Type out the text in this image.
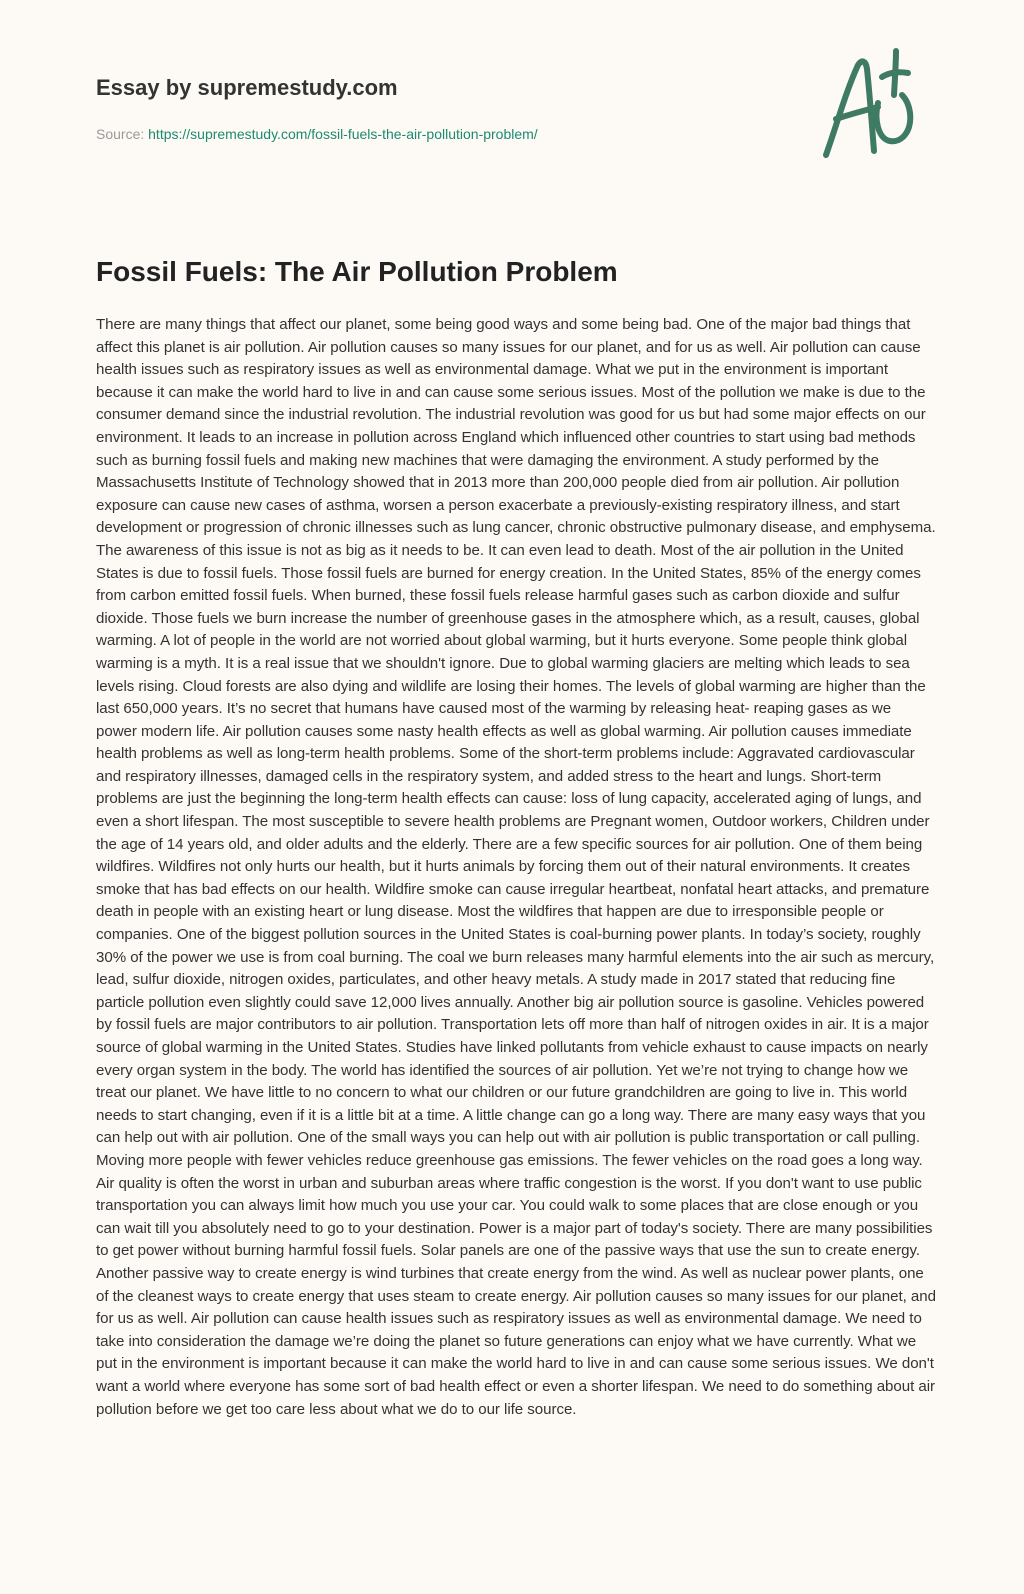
Essay by supremestudy.com
Source: https://supremestudy.com/fossil-fuels-the-air-pollution-problem/
Fossil Fuels: The Air Pollution Problem

There are many things that affect our planet, some being good ways and some being bad. One of the major bad things that affect this planet is air pollution. Air pollution causes so many issues for our planet, and for us as well. Air pollution can cause health issues such as respiratory issues as well as environmental damage. What we put in the environment is important because it can make the world hard to live in and can cause some serious issues. Most of the pollution we make is due to the consumer demand since the industrial revolution. The industrial revolution was good for us but had some major effects on our environment. It leads to an increase in pollution across England which influenced other countries to start using bad methods such as burning fossil fuels and making new machines that were damaging the environment. A study performed by the Massachusetts Institute of Technology showed that in 2013 more than 200,000 people died from air pollution. Air pollution exposure can cause new cases of asthma, worsen a person exacerbate a previously-existing respiratory illness, and start development or progression of chronic illnesses such as lung cancer, chronic obstructive pulmonary disease, and emphysema. The awareness of this issue is not as big as it needs to be. It can even lead to death. Most of the air pollution in the United States is due to fossil fuels. Those fossil fuels are burned for energy creation. In the United States, 85% of the energy comes from carbon emitted fossil fuels. When burned, these fossil fuels release harmful gases such as carbon dioxide and sulfur dioxide. Those fuels we burn increase the number of greenhouse gases in the atmosphere which, as a result, causes, global warming. A lot of people in the world are not worried about global warming, but it hurts everyone. Some people think global warming is a myth. It is a real issue that we shouldn't ignore. Due to global warming glaciers are melting which leads to sea levels rising. Cloud forests are also dying and wildlife are losing their homes. The levels of global warming are higher than the last 650,000 years. It’s no secret that humans have caused most of the warming by releasing heat- reaping gases as we power modern life. Air pollution causes some nasty health effects as well as global warming. Air pollution causes immediate health problems as well as long-term health problems. Some of the short-term problems include: Aggravated cardiovascular and respiratory illnesses, damaged cells in the respiratory system, and added stress to the heart and lungs. Short-term problems are just the beginning the long-term health effects can cause: loss of lung capacity, accelerated aging of lungs, and even a short lifespan. The most susceptible to severe health problems are Pregnant women, Outdoor workers, Children under the age of 14 years old, and older adults and the elderly. There are a few specific sources for air pollution. One of them being wildfires. Wildfires not only hurts our health, but it hurts animals by forcing them out of their natural environments. It creates smoke that has bad effects on our health. Wildfire smoke can cause irregular heartbeat, nonfatal heart attacks, and premature death in people with an existing heart or lung disease. Most the wildfires that happen are due to irresponsible people or companies. One of the biggest pollution sources in the United States is coal-burning power plants. In today’s society, roughly 30% of the power we use is from coal burning. The coal we burn releases many harmful elements into the air such as mercury, lead, sulfur dioxide, nitrogen oxides, particulates, and other heavy metals. A study made in 2017 stated that reducing fine particle pollution even slightly could save 12,000 lives annually. Another big air pollution source is gasoline. Vehicles powered by fossil fuels are major contributors to air pollution. Transportation lets off more than half of nitrogen oxides in air. It is a major source of global warming in the United States. Studies have linked pollutants from vehicle exhaust to cause impacts on nearly every organ system in the body. The world has identified the sources of air pollution. Yet we’re not trying to change how we treat our planet. We have little to no concern to what our children or our future grandchildren are going to live in. This world needs to start changing, even if it is a little bit at a time. A little change can go a long way. There are many easy ways that you can help out with air pollution. One of the small ways you can help out with air pollution is public transportation or call pulling. Moving more people with fewer vehicles reduce greenhouse gas emissions. The fewer vehicles on the road goes a long way. Air quality is often the worst in urban and suburban areas where traffic congestion is the worst. If you don't want to use public transportation you can always limit how much you use your car. You could walk to some places that are close enough or you can wait till you absolutely need to go to your destination. Power is a major part of today's society. There are many possibilities to get power without burning harmful fossil fuels. Solar panels are one of the passive ways that use the sun to create energy. Another passive way to create energy is wind turbines that create energy from the wind. As well as nuclear power plants, one of the cleanest ways to create energy that uses steam to create energy. Air pollution causes so many issues for our planet, and for us as well. Air pollution can cause health issues such as respiratory issues as well as environmental damage. We need to take into consideration the damage we’re doing the planet so future generations can enjoy what we have currently. What we put in the environment is important because it can make the world hard to live in and can cause some serious issues. We don't want a world where everyone has some sort of bad health effect or even a shorter lifespan. We need to do something about air pollution before we get too care less about what we do to our life source.
